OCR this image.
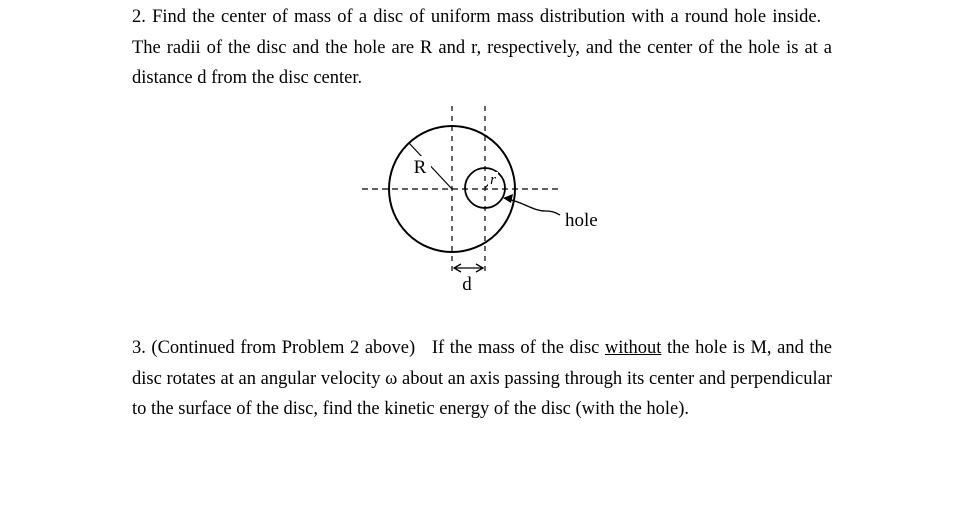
2. Find the center of mass of a disc of uniform mass distribution with a round hole inside.   The radii of the disc and the hole are R and r, respectively, and the center of the hole is at a distance d from the disc center.

R
r
hole
d

3. (Continued from Problem 2 above)   If the mass of the disc without the hole is M, and the disc rotates at an angular velocity ω about an axis passing through its center and perpendicular to the surface of the disc, find the kinetic energy of the disc (with the hole).
